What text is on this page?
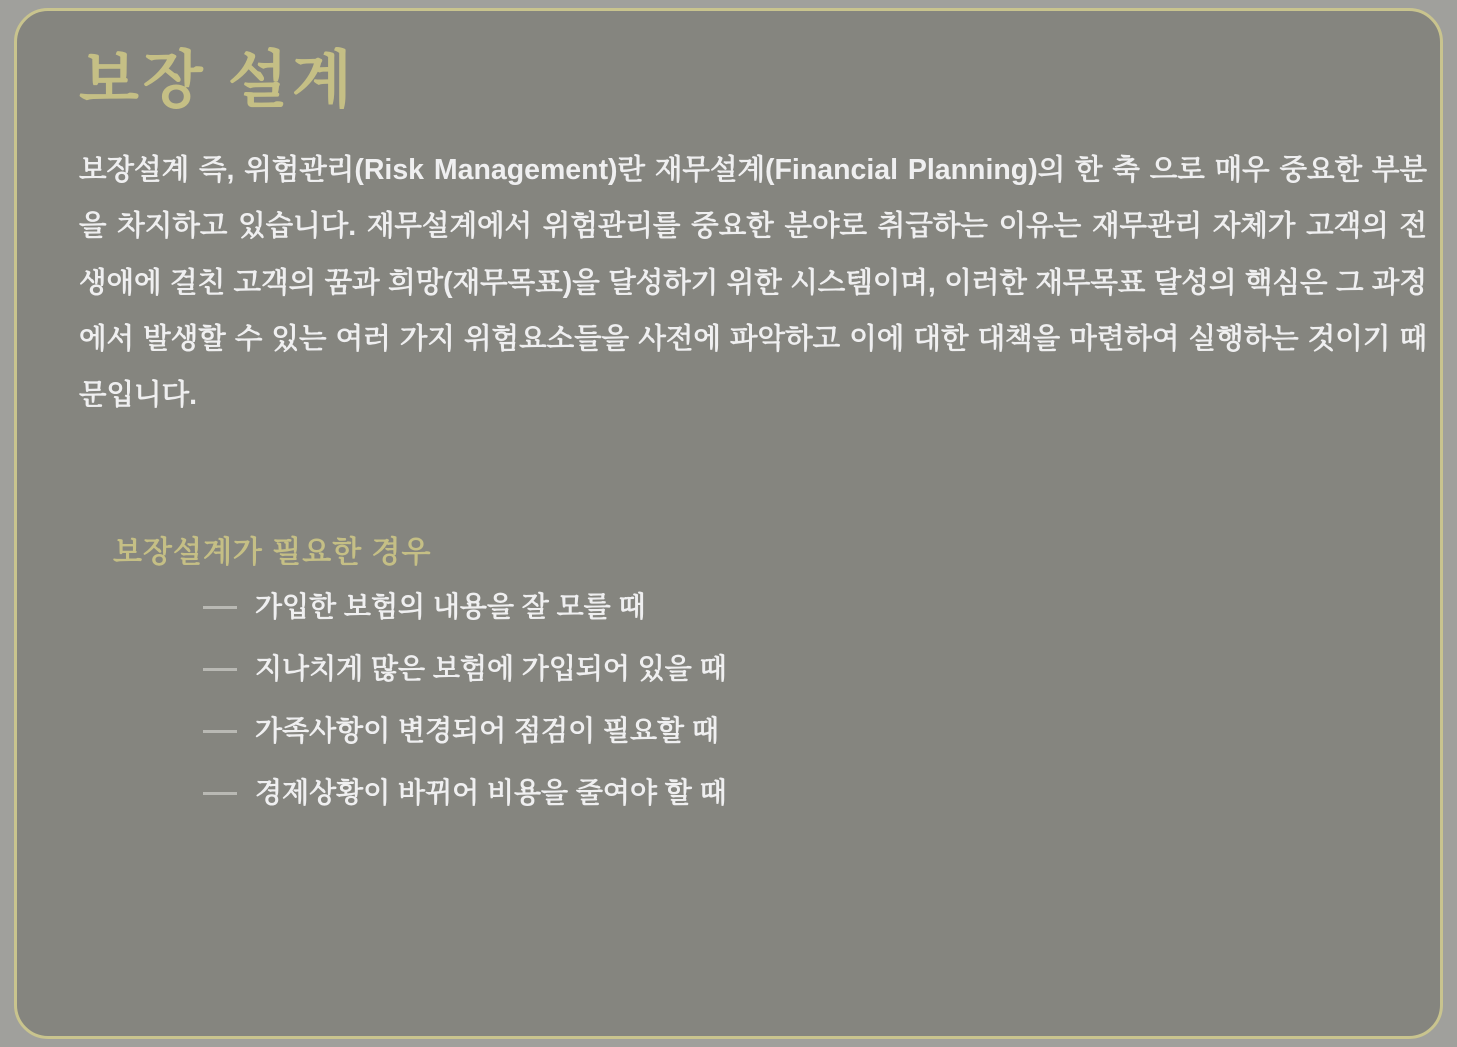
보장 설계

보장설계 즉, 위험관리(Risk Management)란 재무설계(Financial Planning)의 한 축 으로 매우 중요한 부분을 차지하고 있습니다. 재무설계에서 위험관리를 중요한 분야로 취급하는 이유는 재무관리 자체가 고객의 전 생애에 걸친 고객의 꿈과 희망(재무목표)을 달성하기 위한 시스템이며, 이러한 재무목표 달성의 핵심은 그 과정에서 발생할 수 있는 여러 가지 위험요소들을 사전에 파악하고 이에 대한 대책을 마련하여 실행하는 것이기 때문입니다.

보장설계가 필요한 경우
가입한 보험의 내용을 잘 모를 때
지나치게 많은 보험에 가입되어 있을 때
가족사항이 변경되어 점검이 필요할 때
경제상황이 바뀌어 비용을 줄여야 할 때
